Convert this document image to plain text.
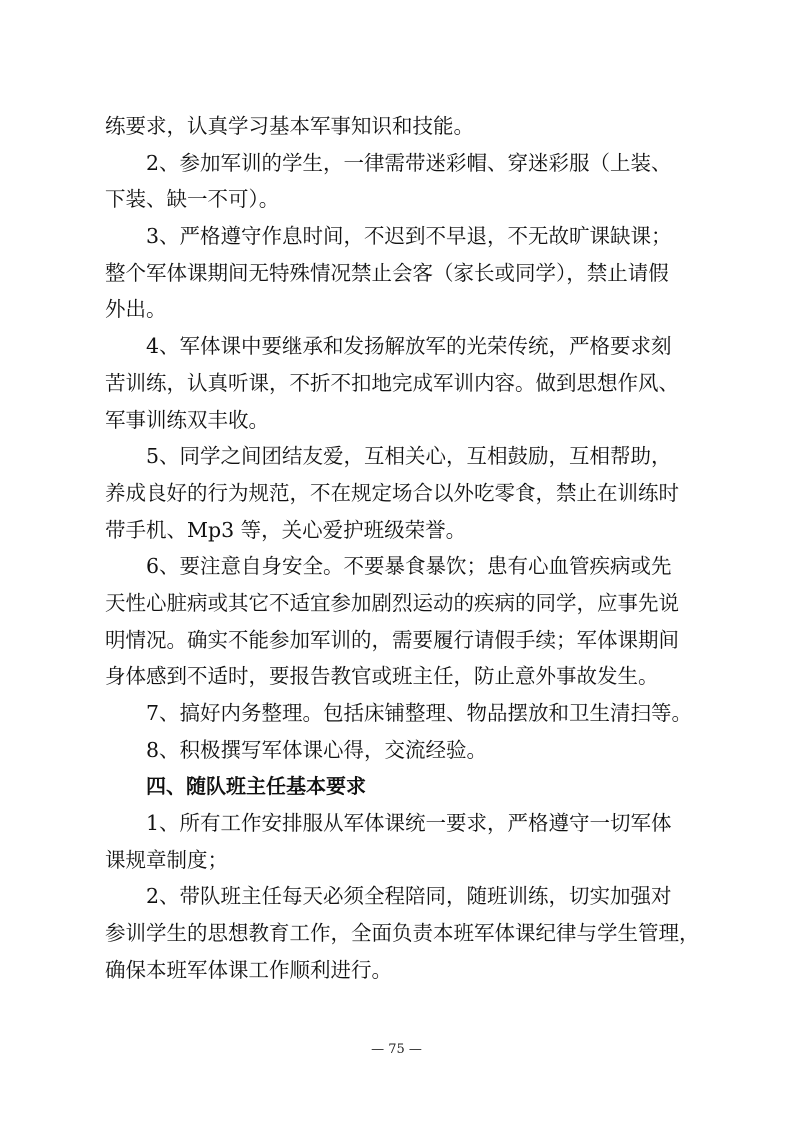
练要求，认真学习基本军事知识和技能。
2、参加军训的学生，一律需带迷彩帽、穿迷彩服（上装、
下装、缺一不可）。
3、严格遵守作息时间，不迟到不早退，不无故旷课缺课；
整个军体课期间无特殊情况禁止会客（家长或同学），禁止请假
外出。
4、军体课中要继承和发扬解放军的光荣传统，严格要求刻
苦训练，认真听课，不折不扣地完成军训内容。做到思想作风、
军事训练双丰收。
5、同学之间团结友爱，互相关心，互相鼓励，互相帮助，
养成良好的行为规范，不在规定场合以外吃零食，禁止在训练时
带手机、Mp3 等，关心爱护班级荣誉。
6、要注意自身安全。不要暴食暴饮；患有心血管疾病或先
天性心脏病或其它不适宜参加剧烈运动的疾病的同学，应事先说
明情况。确实不能参加军训的，需要履行请假手续；军体课期间
身体感到不适时，要报告教官或班主任，防止意外事故发生。
7、搞好内务整理。包括床铺整理、物品摆放和卫生清扫等。
8、积极撰写军体课心得，交流经验。
四、随队班主任基本要求
1、所有工作安排服从军体课统一要求，严格遵守一切军体
课规章制度；
2、带队班主任每天必须全程陪同，随班训练，切实加强对
参训学生的思想教育工作，全面负责本班军体课纪律与学生管理，
确保本班军体课工作顺利进行。
— 75 —
